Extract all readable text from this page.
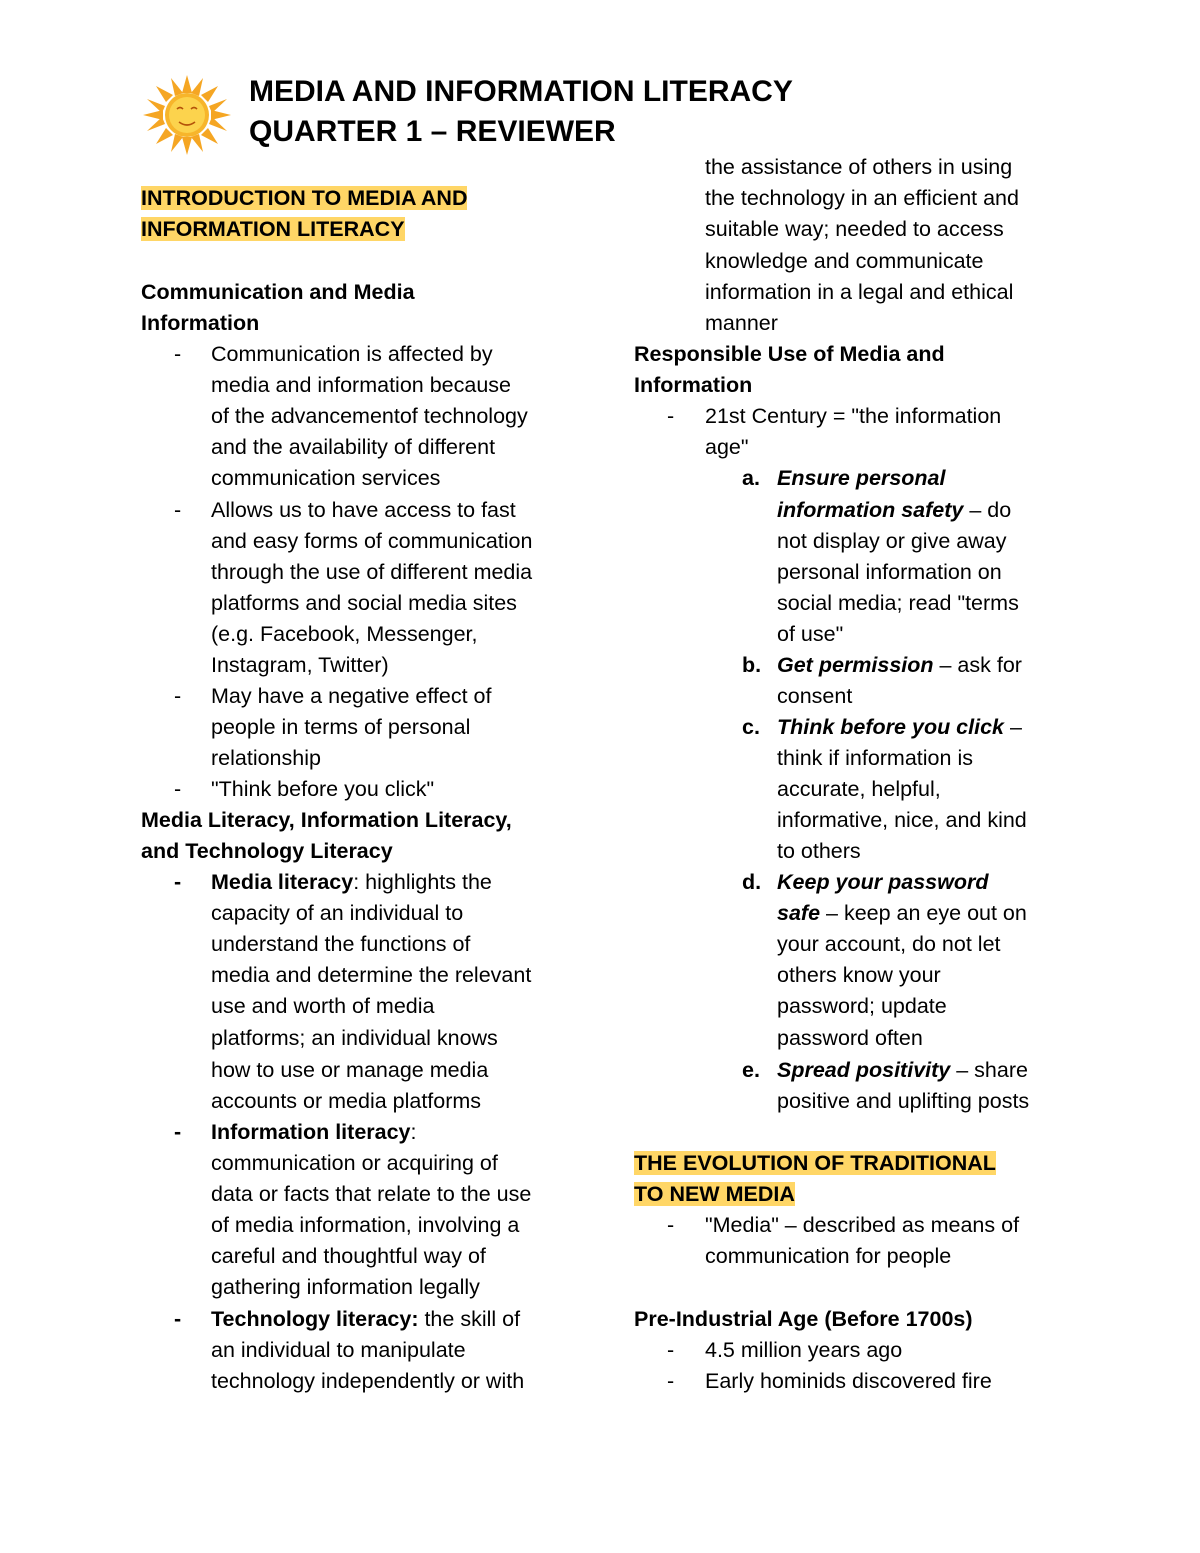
MEDIA AND INFORMATION LITERACY
QUARTER 1 – REVIEWER
INTRODUCTION TO MEDIA AND
INFORMATION LITERACY
Communication and Media
Information
- Communication is affected by
media and information because
of the advancementof technology
and the availability of different
communication services
- Allows us to have access to fast
and easy forms of communication
through the use of different media
platforms and social media sites
(e.g. Facebook, Messenger,
Instagram, Twitter)
- May have a negative effect of
people in terms of personal
relationship
- "Think before you click"
Media Literacy, Information Literacy,
and Technology Literacy
- Media literacy: highlights the
capacity of an individual to
understand the functions of
media and determine the relevant
use and worth of media
platforms; an individual knows
how to use or manage media
accounts or media platforms
- Information literacy:
communication or acquiring of
data or facts that relate to the use
of media information, involving a
careful and thoughtful way of
gathering information legally
- Technology literacy: the skill of
an individual to manipulate
technology independently or with
the assistance of others in using
the technology in an efficient and
suitable way; needed to access
knowledge and communicate
information in a legal and ethical
manner
Responsible Use of Media and
Information
- 21st Century = "the information
age"
a. Ensure personal
information safety – do
not display or give away
personal information on
social media; read "terms
of use"
b. Get permission – ask for
consent
c. Think before you click –
think if information is
accurate, helpful,
informative, nice, and kind
to others
d. Keep your password
safe – keep an eye out on
your account, do not let
others know your
password; update
password often
e. Spread positivity – share
positive and uplifting posts
THE EVOLUTION OF TRADITIONAL
TO NEW MEDIA
- "Media" – described as means of
communication for people
Pre-Industrial Age (Before 1700s)
- 4.5 million years ago
- Early hominids discovered fire
